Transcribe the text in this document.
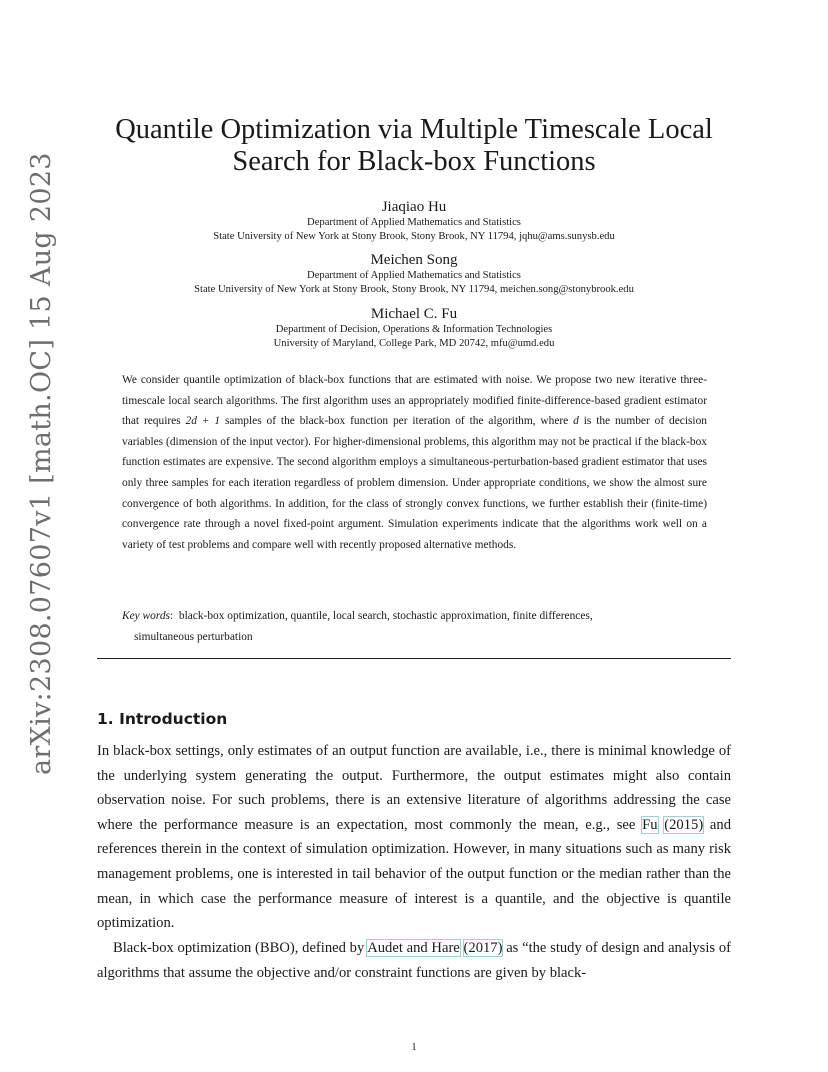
arXiv:2308.07607v1 [math.OC] 15 Aug 2023
Quantile Optimization via Multiple Timescale Local
Search for Black-box Functions
Jiaqiao Hu
Department of Applied Mathematics and Statistics
State University of New York at Stony Brook, Stony Brook, NY 11794, jqhu@ams.sunysb.edu
Meichen Song
Department of Applied Mathematics and Statistics
State University of New York at Stony Brook, Stony Brook, NY 11794, meichen.song@stonybrook.edu
Michael C. Fu
Department of Decision, Operations & Information Technologies
University of Maryland, College Park, MD 20742, mfu@umd.edu

We consider quantile optimization of black-box functions that are estimated with noise. We propose two new iterative three-timescale local search algorithms. The first algorithm uses an appropriately modified finite-difference-based gradient estimator that requires 2d + 1 samples of the black-box function per iteration of the algorithm, where d is the number of decision variables (dimension of the input vector). For higher-dimensional problems, this algorithm may not be practical if the black-box function estimates are expensive. The second algorithm employs a simultaneous-perturbation-based gradient estimator that uses only three samples for each iteration regardless of problem dimension. Under appropriate conditions, we show the almost sure convergence of both algorithms. In addition, for the class of strongly convex functions, we further establish their (finite-time) convergence rate through a novel fixed-point argument. Simulation experiments indicate that the algorithms work well on a variety of test problems and compare well with recently proposed alternative methods.

Key words:  black-box optimization, quantile, local search, stochastic approximation, finite differences,
simultaneous perturbation
1. Introduction

In black-box settings, only estimates of an output function are available, i.e., there is minimal knowledge of the underlying system generating the output. Furthermore, the output estimates might also contain observation noise. For such problems, there is an extensive literature of algorithms addressing the case where the performance measure is an expectation, most commonly the mean, e.g., see Fu (2015) and references therein in the context of simulation optimization. However, in many situations such as many risk management problems, one is interested in tail behavior of the output function or the median rather than the mean, in which case the performance measure of interest is a quantile, and the objective is quantile optimization.

Black-box optimization (BBO), defined by Audet and Hare (2017) as “the study of design and analysis of algorithms that assume the objective and/or constraint functions are given by black-

1
